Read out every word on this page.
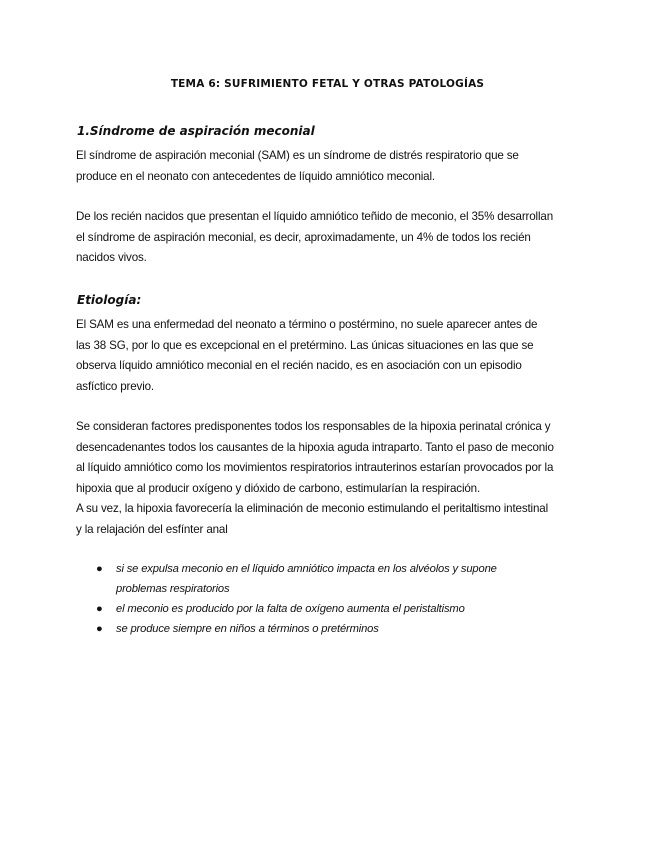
TEMA 6: SUFRIMIENTO FETAL Y OTRAS PATOLOGÍAS
1.Síndrome de aspiración meconial

El síndrome de aspiración meconial (SAM) es un síndrome de distrés respiratorio que se

produce en el neonato con antecedentes de líquido amniótico meconial.

De los recién nacidos que presentan el líquido amniótico teñido de meconio, el 35% desarrollan

el síndrome de aspiración meconial, es decir, aproximadamente, un 4% de todos los recién

nacidos vivos.

Etiología:

El SAM es una enfermedad del neonato a término o postérmino, no suele aparecer antes de

las 38 SG, por lo que es excepcional en el pretérmino. Las únicas situaciones en las que se

observa líquido amniótico meconial en el recién nacido, es en asociación con un episodio

asfíctico previo.

Se consideran factores predisponentes todos los responsables de la hipoxia perinatal crónica y

desencadenantes todos los causantes de la hipoxia aguda intraparto. Tanto el paso de meconio

al líquido amniótico como los movimientos respiratorios intrauterinos estarían provocados por la

hipoxia que al producir oxígeno y dióxido de carbono, estimularían la respiración.

A su vez, la hipoxia favorecería la eliminación de meconio estimulando el peritaltismo intestinal

y la relajación del esfínter anal

● si se expulsa meconio en el líquido amniótico impacta en los alvéolos y supone
problemas respiratorios
● el meconio es producido por la falta de oxígeno aumenta el peristaltismo
● se produce siempre en niños a términos o pretérminos
